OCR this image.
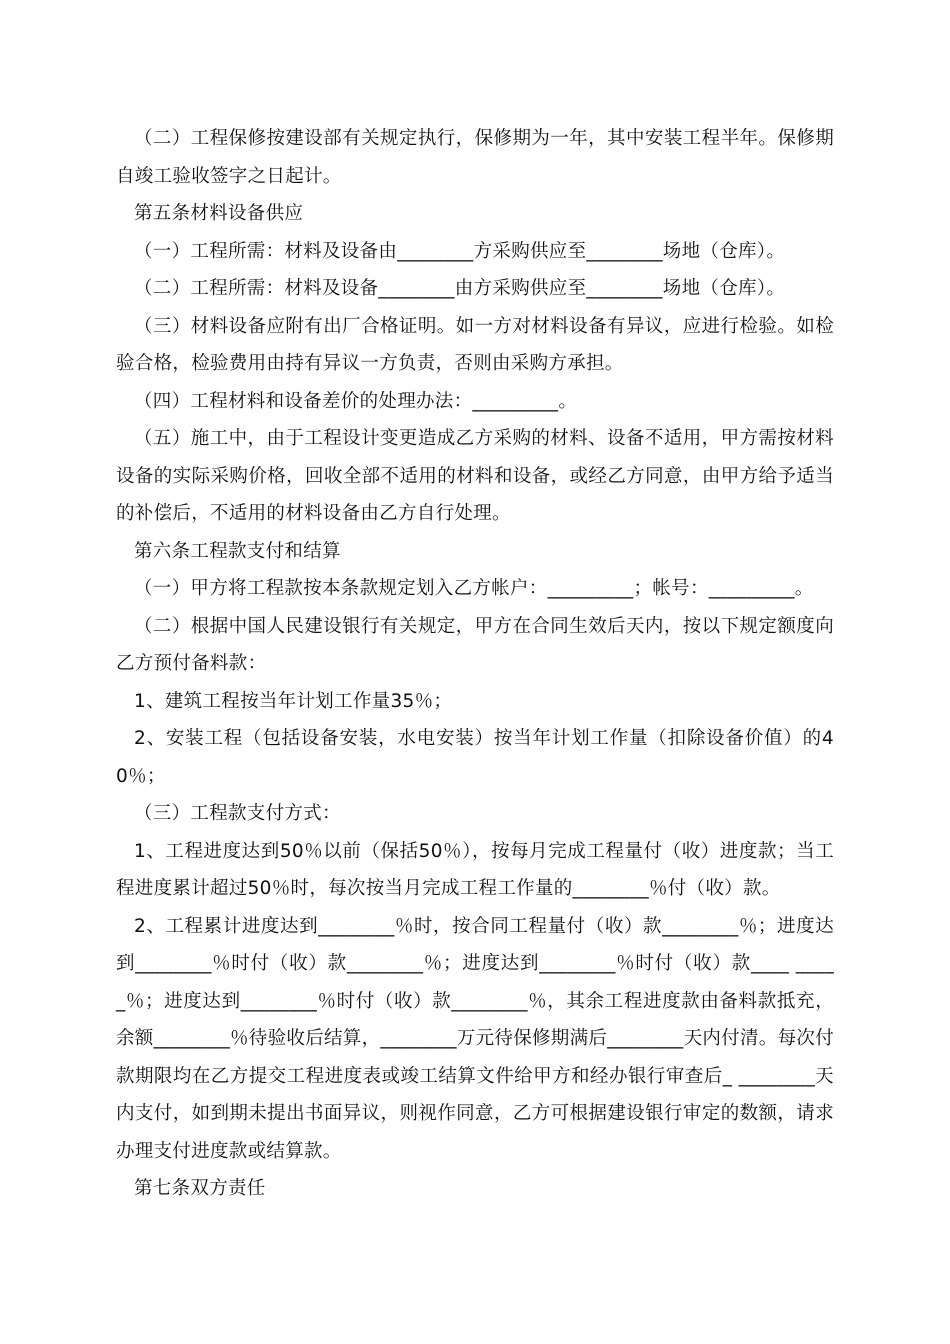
（二）工程保修按建设部有关规定执行，保修期为一年，其中安装工程半年。保修期自竣工验收签字之日起计。

第五条材料设备供应

（一）工程所需：材料及设备由________方采购供应至________场地（仓库）。

（二）工程所需：材料及设备________由方采购供应至________场地（仓库）。

（三）材料设备应附有出厂合格证明。如一方对材料设备有异议，应进行检验。如检验合格，检验费用由持有异议一方负责，否则由采购方承担。

（四）工程材料和设备差价的处理办法：_________。

（五）施工中，由于工程设计变更造成乙方采购的材料、设备不适用，甲方需按材料设备的实际采购价格，回收全部不适用的材料和设备，或经乙方同意，由甲方给予适当的补偿后，不适用的材料设备由乙方自行处理。

第六条工程款支付和结算

（一）甲方将工程款按本条款规定划入乙方帐户：_________；帐号：_________。

（二）根据中国人民建设银行有关规定，甲方在合同生效后天内，按以下规定额度向乙方预付备料款：

1、建筑工程按当年计划工作量35％；

2、安装工程（包括设备安装，水电安装）按当年计划工作量（扣除设备价值）的40％；

（三）工程款支付方式：

1、工程进度达到50％以前（保括50％），按每月完成工程量付（收）进度款；当工程进度累计超过50％时，每次按当月完成工程工作量的________％付（收）款。

2、工程累计进度达到________％时，按合同工程量付（收）款________％；进度达到________％时付（收）款________％；进度达到________％时付（收）款____ _____％；进度达到________％时付（收）款________％，其余工程进度款由备料款抵充，余额________％待验收后结算，________万元待保修期满后________天内付清。每次付款期限均在乙方提交工程进度表或竣工结算文件给甲方和经办银行审查后_ ________天内支付，如到期未提出书面异议，则视作同意，乙方可根据建设银行审定的数额，请求办理支付进度款或结算款。

第七条双方责任
